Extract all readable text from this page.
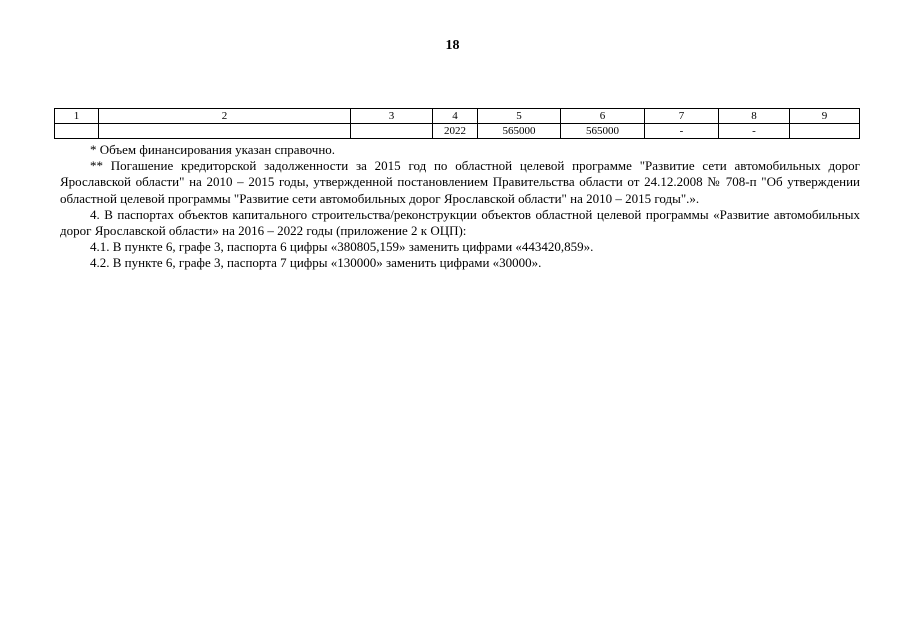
18
1	2	3	4	5	6	7	8	9
			2022	565000	565000	-	-	

* Объем финансирования указан справочно.

** Погашение кредиторской задолженности за 2015 год по областной целевой программе "Развитие сети автомобильных дорог Ярославской области" на 2010 – 2015 годы, утвержденной постановлением Правительства области от 24.12.2008 № 708-п "Об утверждении областной целевой программы "Развитие сети автомобильных дорог Ярославской области" на 2010 – 2015 годы".».

4. В паспортах объектов капитального строительства/реконструкции объектов областной целевой программы «Развитие автомобильных дорог Ярославской области» на 2016 – 2022 годы (приложение 2 к ОЦП):

4.1. В пункте 6, графе 3, паспорта 6 цифры «380805,159» заменить цифрами «443420,859».

4.2. В пункте 6, графе 3, паспорта 7 цифры «130000» заменить цифрами «30000».
